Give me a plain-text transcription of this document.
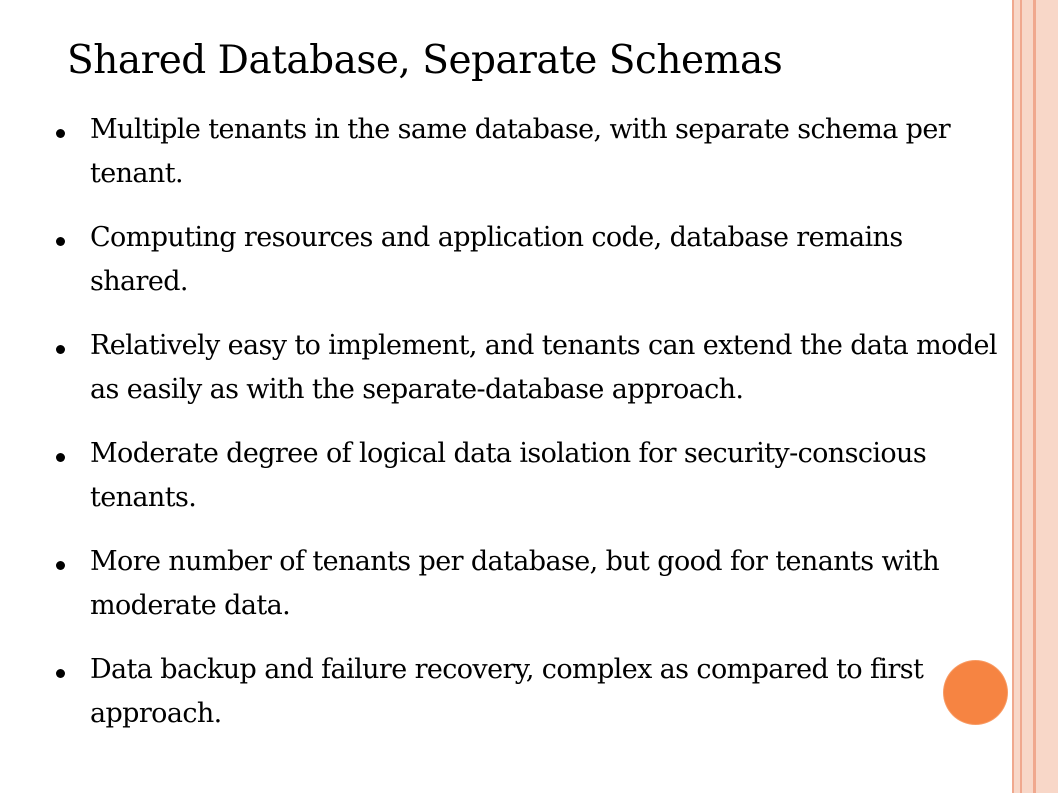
Shared Database, Separate Schemas
Multiple tenants in the same database, with separate schema per tenant.
Computing resources and application code, database remains shared.
Relatively easy to implement, and tenants can extend the data model as easily as with the separate-database approach.
Moderate degree of logical data isolation for security-conscious tenants.
More number of tenants per database, but good for tenants with moderate data.
Data backup and failure recovery, complex as compared to first approach.
